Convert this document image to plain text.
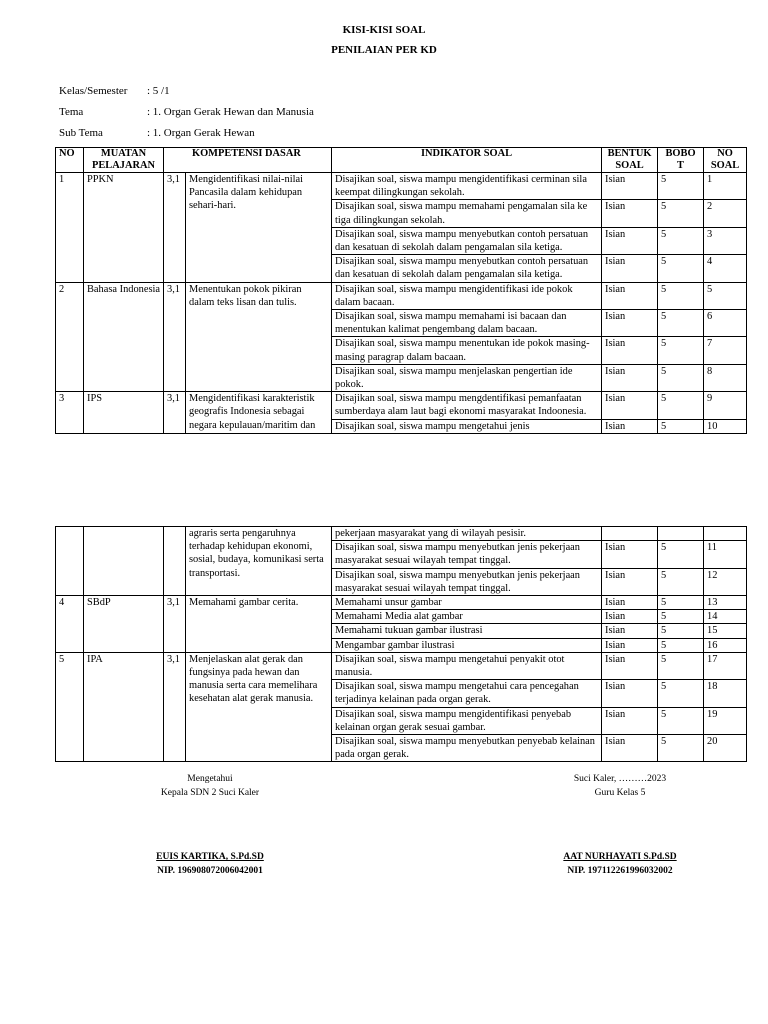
KISI-KISI SOAL
PENILAIAN PER KD
Kelas/Semester : 5 /1
Tema	: 1. Organ Gerak Hewan dan Manusia
Sub Tema	: 1. Organ Gerak Hewan
NO	MUATAN PELAJARAN	KOMPETENSI DASAR		INDIKATOR SOAL	BENTUK SOAL	BOBO T	NO SOAL
1	PPKN	3,1	Mengidentifikasi nilai-nilai Pancasila dalam kehidupan sehari-hari.	Disajikan soal, siswa mampu mengidentifikasi cerminan sila keempat dilingkungan sekolah.	Isian	5	1
				Disajikan soal, siswa mampu memahami pengamalan sila ke tiga dilingkungan sekolah.	Isian	5	2
				Disajikan soal, siswa mampu menyebutkan contoh persatuan dan kesatuan di sekolah dalam pengamalan sila ketiga.	Isian	5	3
				Disajikan soal, siswa mampu menyebutkan contoh persatuan dan kesatuan di sekolah dalam pengamalan sila ketiga.	Isian	5	4
2	Bahasa Indonesia	3,1	Menentukan pokok pikiran dalam teks lisan dan tulis.	Disajikan soal, siswa mampu mengidentifikasi ide pokok dalam bacaan.	Isian	5	5
				Disajikan soal, siswa mampu memahami isi bacaan dan menentukan kalimat pengembang dalam bacaan.	Isian	5	6
				Disajikan soal, siswa mampu menentukan ide pokok masing-masing paragrap dalam bacaan.	Isian	5	7
				Disajikan soal, siswa mampu menjelaskan pengertian ide pokok.	Isian	5	8
3	IPS	3,1	Mengidentifikasi karakteristik geografis Indonesia sebagai negara kepulauan/maritim dan	Disajikan soal, siswa mampu mengdentifikasi pemanfaatan sumberdaya alam laut bagi ekonomi masyarakat Indoonesia.	Isian	5	9
				Disajikan soal, siswa mampu mengetahui jenis	Isian	5	10
			agraris serta pengaruhnya terhadap kehidupan ekonomi, sosial, budaya, komunikasi serta transportasi.	pekerjaan masyarakat yang di wilayah pesisir.			
				Disajikan soal, siswa mampu menyebutkan jenis pekerjaan masyarakat sesuai wilayah tempat tinggal.	Isian	5	11
				Disajikan soal, siswa mampu menyebutkan jenis pekerjaan masyarakat sesuai wilayah tempat tinggal.	Isian	5	12
4	SBdP	3,1	Memahami gambar cerita.	Memahami unsur gambar	Isian	5	13
				Memahami Media alat gambar	Isian	5	14
				Memahami tukuan gambar ilustrasi	Isian	5	15
				Mengambar gambar ilustrasi	Isian	5	16
5	IPA	3,1	Menjelaskan alat gerak dan fungsinya pada hewan dan manusia serta cara memelihara kesehatan alat gerak manusia.	Disajikan soal, siswa mampu mengetahui penyakit otot manusia.	Isian	5	17
				Disajikan soal, siswa mampu mengetahui cara pencegahan terjadinya kelainan pada organ gerak.	Isian	5	18
				Disajikan soal, siswa mampu mengidentifikasi penyebab kelainan organ gerak sesuai gambar.	Isian	5	19
				Disajikan soal, siswa mampu menyebutkan penyebab kelainan pada organ gerak.	Isian	5	20
Mengetahui
Kepala SDN 2 Suci Kaler
Suci Kaler, ………2023
Guru Kelas 5
EUIS KARTIKA, S.Pd.SD
NIP. 196908072006042001
AAT NURHAYATI S.Pd.SD
NIP. 197112261996032002
